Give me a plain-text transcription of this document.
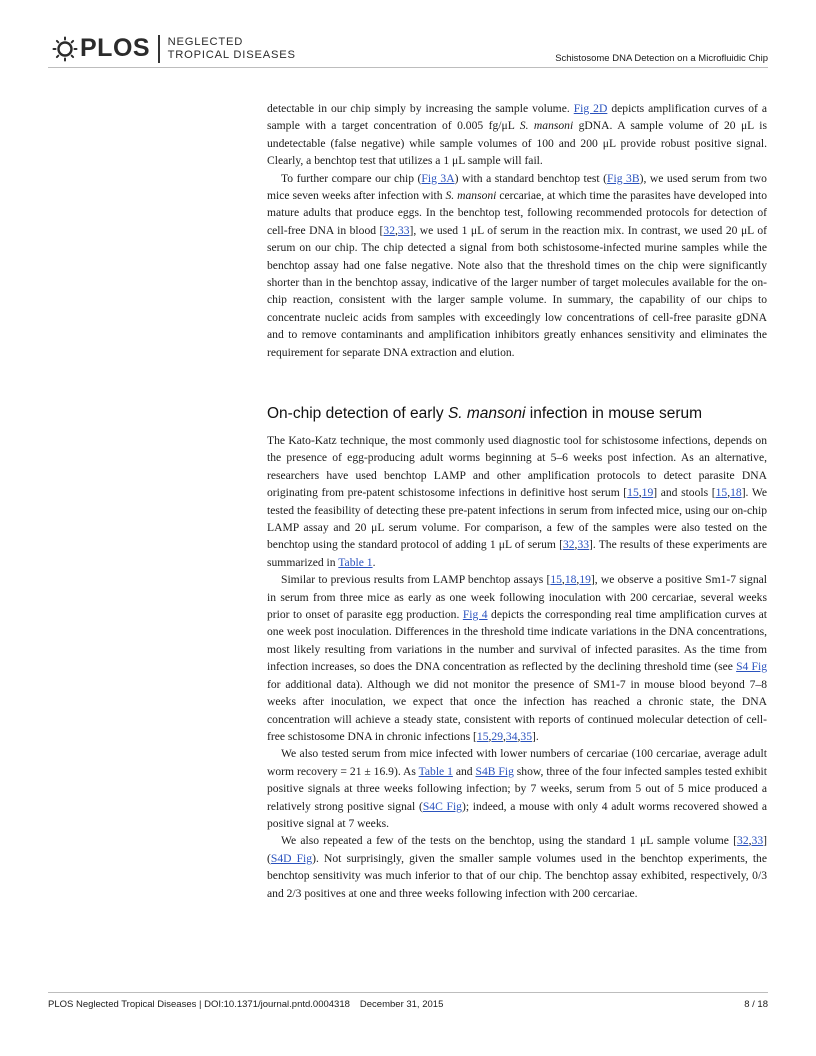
PLOS NEGLECTED
TROPICAL DISEASES	Schistosome DNA Detection on a Microfluidic Chip

detectable in our chip simply by increasing the sample volume. Fig 2D depicts amplification curves of a sample with a target concentration of 0.005 fg/μL S. mansoni gDNA. A sample volume of 20 μL is undetectable (false negative) while sample volumes of 100 and 200 μL provide robust positive signal. Clearly, a benchtop test that utilizes a 1 μL sample will fail.

To further compare our chip (Fig 3A) with a standard benchtop test (Fig 3B), we used serum from two mice seven weeks after infection with S. mansoni cercariae, at which time the parasites have developed into mature adults that produce eggs. In the benchtop test, following recommended protocols for detection of cell-free DNA in blood [32,33], we used 1 μL of serum in the reaction mix. In contrast, we used 20 μL of serum on our chip. The chip detected a signal from both schistosome-infected murine samples while the benchtop assay had one false negative. Note also that the threshold times on the chip were significantly shorter than in the benchtop assay, indicative of the larger number of target molecules available for the on-chip reaction, consistent with the larger sample volume. In summary, the capability of our chips to concentrate nucleic acids from samples with exceedingly low concentrations of cell-free parasite gDNA and to remove contaminants and amplification inhibitors greatly enhances sensitivity and eliminates the requirement for separate DNA extraction and elution.

On-chip detection of early S. mansoni infection in mouse serum

The Kato-Katz technique, the most commonly used diagnostic tool for schistosome infections, depends on the presence of egg-producing adult worms beginning at 5–6 weeks post infection. As an alternative, researchers have used benchtop LAMP and other amplification protocols to detect parasite DNA originating from pre-patent schistosome infections in definitive host serum [15,19] and stools [15,18]. We tested the feasibility of detecting these pre-patent infections in serum from infected mice, using our on-chip LAMP assay and 20 μL serum volume. For comparison, a few of the samples were also tested on the benchtop using the standard protocol of adding 1 μL of serum [32,33]. The results of these experiments are summarized in Table 1.

Similar to previous results from LAMP benchtop assays [15,18,19], we observe a positive Sm1-7 signal in serum from three mice as early as one week following inoculation with 200 cercariae, several weeks prior to onset of parasite egg production. Fig 4 depicts the corresponding real time amplification curves at one week post inoculation. Differences in the threshold time indicate variations in the DNA concentrations, most likely resulting from variations in the number and survival of infected parasites. As the time from infection increases, so does the DNA concentration as reflected by the declining threshold time (see S4 Fig for additional data). Although we did not monitor the presence of SM1-7 in mouse blood beyond 7–8 weeks after inoculation, we expect that once the infection has reached a chronic state, the DNA concentration will achieve a steady state, consistent with reports of continued molecular detection of cell-free schistosome DNA in chronic infections [15,29,34,35].

We also tested serum from mice infected with lower numbers of cercariae (100 cercariae, average adult worm recovery = 21 ± 16.9). As Table 1 and S4B Fig show, three of the four infected samples tested exhibit positive signals at three weeks following infection; by 7 weeks, serum from 5 out of 5 mice produced a relatively strong positive signal (S4C Fig); indeed, a mouse with only 4 adult worms recovered showed a positive signal at 7 weeks.

We also repeated a few of the tests on the benchtop, using the standard 1 μL sample volume [32,33] (S4D Fig). Not surprisingly, given the smaller sample volumes used in the benchtop experiments, the benchtop sensitivity was much inferior to that of our chip. The benchtop assay exhibited, respectively, 0/3 and 2/3 positives at one and three weeks following infection with 200 cercariae.

PLOS Neglected Tropical Diseases | DOI:10.1371/journal.pntd.0004318 December 31, 2015	8 / 18
